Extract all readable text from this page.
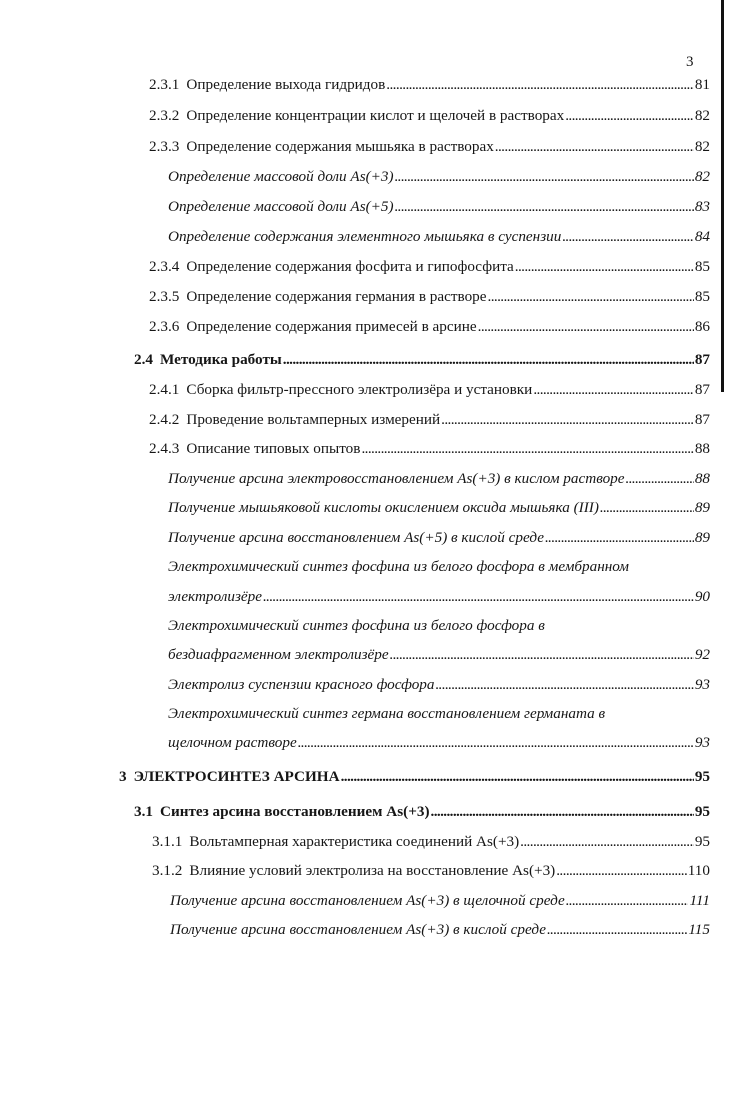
3
2.3.1 Определение выхода гидридов . . .	81
2.3.2 Определение концентрации кислот и щелочей в растворах . . .	82
2.3.3 Определение содержания мышьяка в растворах . . .	82
Определение массовой доли As(+3) . . .	82
Определение массовой доли As(+5) . . .	83
Определение содержания элементного мышьяка в суспензии . . .	84
2.3.4 Определение содержания фосфита и гипофосфита . . .	85
2.3.5 Определение содержания германия в растворе . . .	85
2.3.6 Определение содержания примесей в арсине . . .	86
2.4 Методика работы . . .	87
2.4.1 Сборка фильтр-прессного электролизёра и установки . . .	87
2.4.2 Проведение вольтамперных измерений . . .	87
2.4.3 Описание типовых опытов . . .	88
Получение арсина электровосстановлением As(+3) в кислом растворе . . .	88
Получение мышьяковой кислоты окислением оксида мышьяка (III) . . .	89
Получение арсина восстановлением As(+5) в кислой среде . . .	89
Электрохимический синтез фосфина из белого фосфора в мембранном
электролизёре . . .	90
Электрохимический синтез фосфина из белого фосфора в
бездиафрагменном электролизёре . . .	92
Электролиз суспензии красного фосфора . . .	93
Электрохимический синтез германа восстановлением германата в
щелочном растворе . . .	93
3 ЭЛЕКТРОСИНТЕЗ АРСИНА . . .	95
3.1 Синтез арсина восстановлением As(+3) . . .	95
3.1.1 Вольтамперная характеристика соединений As(+3) . . .	95
3.1.2 Влияние условий электролиза на восстановление As(+3) . . .	110
Получение арсина восстановлением As(+3) в щелочной среде . . .	111
Получение арсина восстановлением As(+3) в кислой среде . . .	115
